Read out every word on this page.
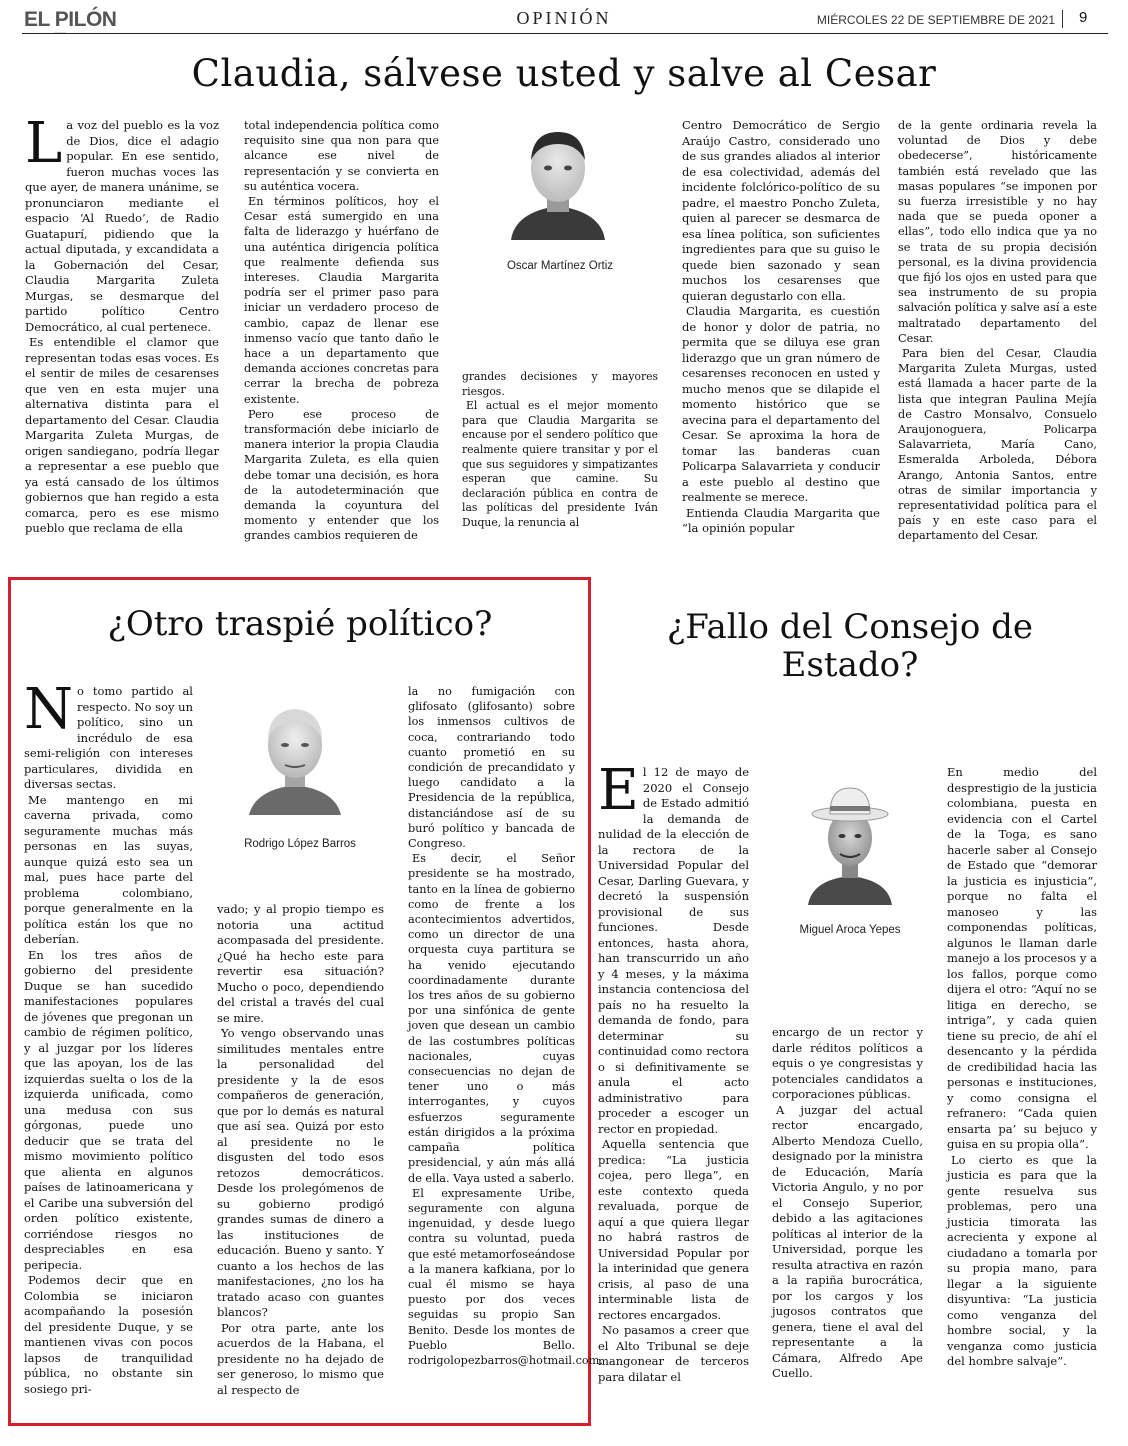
EL PILÓN	OPINIÓN	MIÉRCOLES 22 DE SEPTIEMBRE DE 2021 9
Claudia, sálvese usted y salve al Cesar

La voz del pueblo es la voz de Dios, dice el adagio popular. En ese sentido, fueron muchas voces las que ayer, de manera unánime, se pronunciaron mediante el espacio ‘Al Ruedo’, de Radio Guatapurí, pidiendo que la actual diputada, y excandidata a la Gobernación del Cesar, Claudia Margarita Zuleta Murgas, se desmarque del partido político Centro Democrático, al cual pertenece.

Es entendible el clamor que representan todas esas voces. Es el sentir de miles de cesarenses que ven en esta mujer una alternativa distinta para el departamento del Cesar. Claudia Margarita Zuleta Murgas, de origen sandiegano, podría llegar a representar a ese pueblo que ya está cansado de los últimos gobiernos que han regido a esta comarca, pero es ese mismo pueblo que reclama de ella

total independencia política como requisito sine qua non para que alcance ese nivel de representación y se convierta en su auténtica vocera.

En términos políticos, hoy el Cesar está sumergido en una falta de liderazgo y huérfano de una auténtica dirigencia política que realmente defienda sus intereses. Claudia Margarita podría ser el primer paso para iniciar un verdadero proceso de cambio, capaz de llenar ese inmenso vacío que tanto daño le hace a un departamento que demanda acciones concretas para cerrar la brecha de pobreza existente.

Pero ese proceso de transformación debe iniciarlo de manera interior la propia Claudia Margarita Zuleta, es ella quien debe tomar una decisión, es hora de la autodeterminación que demanda la coyuntura del momento y entender que los grandes cambios requieren de

Oscar Martínez Ortiz

grandes decisiones y mayores riesgos.

El actual es el mejor momento para que Claudia Margarita se encause por el sendero político que realmente quiere transitar y por el que sus seguidores y simpatizantes esperan que camine. Su declaración pública en contra de las políticas del presidente Iván Duque, la renuncia al

Centro Democrático de Sergio Araújo Castro, considerado uno de sus grandes aliados al interior de esa colectividad, además del incidente folclórico-político de su padre, el maestro Poncho Zuleta, quien al parecer se desmarca de esa línea política, son suficientes ingredientes para que su guiso le quede bien sazonado y sean muchos los cesarenses que quieran degustarlo con ella.

Claudia Margarita, es cuestión de honor y dolor de patria, no permita que se diluya ese gran liderazgo que un gran número de cesarenses reconocen en usted y mucho menos que se dilapide el momento histórico que se avecina para el departamento del Cesar. Se aproxima la hora de tomar las banderas cuan Policarpa Salavarrieta y conducir a este pueblo al destino que realmente se merece.

Entienda Claudia Margarita que “la opinión popular

de la gente ordinaria revela la voluntad de Dios y debe obedecerse”, históricamente también está revelado que las masas populares “se imponen por su fuerza irresistible y no hay nada que se pueda oponer a ellas”, todo ello indica que ya no se trata de su propia decisión personal, es la divina providencia que fijó los ojos en usted para que sea instrumento de su propia salvación política y salve así a este maltratado departamento del Cesar.

Para bien del Cesar, Claudia Margarita Zuleta Murgas, usted está llamada a hacer parte de la lista que integran Paulina Mejía de Castro Monsalvo, Consuelo Araujonoguera, Policarpa Salavarrieta, María Cano, Esmeralda Arboleda, Débora Arango, Antonia Santos, entre otras de similar importancia y representatividad política para el país y en este caso para el departamento del Cesar.

¿Otro traspié político?

No tomo partido al respecto. No soy un político, sino un incrédulo de esa semi-religión con intereses particulares, dividida en diversas sectas.

Me mantengo en mi caverna privada, como seguramente muchas más personas en las suyas, aunque quizá esto sea un mal, pues hace parte del problema colombiano, porque generalmente en la política están los que no deberían.

En los tres años de gobierno del presidente Duque se han sucedido manifestaciones populares de jóvenes que pregonan un cambio de régimen político, y al juzgar por los líderes que las apoyan, los de las izquierdas suelta o los de la izquierda unificada, como una medusa con sus górgonas, puede uno deducir que se trata del mismo movimiento político que alienta en algunos países de latinoamericana y el Caribe una subversión del orden político existente, corriéndose riesgos no despreciables en esa peripecia.

Podemos decir que en Colombia se iniciaron acompañando la posesión del presidente Duque, y se mantienen vivas con pocos lapsos de tranquilidad pública, no obstante sin sosiego pri-

Rodrigo López Barros

vado; y al propio tiempo es notoria una actitud acompasada del presidente. ¿Qué ha hecho este para revertir esa situación? Mucho o poco, dependiendo del cristal a través del cual se mire.

Yo vengo observando unas similitudes mentales entre la personalidad del presidente y la de esos compañeros de generación, que por lo demás es natural que así sea. Quizá por esto al presidente no le disgusten del todo esos retozos democráticos. Desde los prolegómenos de su gobierno prodigó grandes sumas de dinero a las instituciones de educación. Bueno y santo. Y cuanto a los hechos de las manifestaciones, ¿no los ha tratado acaso con guantes blancos?

Por otra parte, ante los acuerdos de la Habana, el presidente no ha dejado de ser generoso, lo mismo que al respecto de

la no fumigación con glifosato (glifosanto) sobre los inmensos cultivos de coca, contrariando todo cuanto prometió en su condición de precandidato y luego candidato a la Presidencia de la república, distanciándose así de su buró político y bancada de Congreso.

Es decir, el Señor presidente se ha mostrado, tanto en la línea de gobierno como de frente a los acontecimientos advertidos, como un director de una orquesta cuya partitura se ha venido ejecutando coordinadamente durante los tres años de su gobierno por una sinfónica de gente joven que desean un cambio de las costumbres políticas nacionales, cuyas consecuencias no dejan de tener uno o más interrogantes, y cuyos esfuerzos seguramente están dirigidos a la próxima campaña política presidencial, y aún más allá de ella. Vaya usted a saberlo.

El expresamente Uribe, seguramente con alguna ingenuidad, y desde luego contra su voluntad, pueda que esté metamorfoseándose a la manera kafkiana, por lo cual él mismo se haya puesto por dos veces seguidas su propio San Benito. Desde los montes de Pueblo Bello. rodrigolopezbarros@hotmail.com.

¿Fallo del Consejo de Estado?

El 12 de mayo de 2020 el Consejo de Estado admitió la demanda de nulidad de la elección de la rectora de la Universidad Popular del Cesar, Darling Guevara, y decretó la suspensión provisional de sus funciones. Desde entonces, hasta ahora, han transcurrido un año y 4 meses, y la máxima instancia contenciosa del país no ha resuelto la demanda de fondo, para determinar su continuidad como rectora o si definitivamente se anula el acto administrativo para proceder a escoger un rector en propiedad.

Aquella sentencia que predica: “La justicia cojea, pero llega”, en este contexto queda revaluada, porque de aquí a que quiera llegar no habrá rastros de Universidad Popular por la interinidad que genera crisis, al paso de una interminable lista de rectores encargados.

No pasamos a creer que el Alto Tribunal se deje mangonear de terceros para dilatar el

Miguel Aroca Yepes

encargo de un rector y darle réditos políticos a equis o ye congresistas y potenciales candidatos a corporaciones públicas.

A juzgar del actual rector encargado, Alberto Mendoza Cuello, designado por la ministra de Educación, María Victoria Angulo, y no por el Consejo Superior, debido a las agitaciones políticas al interior de la Universidad, porque les resulta atractiva en razón a la rapiña burocrática, por los cargos y los jugosos contratos que genera, tiene el aval del representante a la Cámara, Alfredo Ape Cuello.

En medio del desprestigio de la justicia colombiana, puesta en evidencia con el Cartel de la Toga, es sano hacerle saber al Consejo de Estado que “demorar la justicia es injusticia”, porque no falta el manoseo y las componendas políticas, algunos le llaman darle manejo a los procesos y a los fallos, porque como dijera el otro: “Aquí no se litiga en derecho, se intriga”, y cada quien tiene su precio, de ahí el desencanto y la pérdida de credibilidad hacia las personas e instituciones, y como consigna el refranero: “Cada quien ensarta pa’ su bejuco y guisa en su propia olla”.

Lo cierto es que la justicia es para que la gente resuelva sus problemas, pero una justicia timorata las acrecienta y expone al ciudadano a tomarla por su propia mano, para llegar a la siguiente disyuntiva: “La justicia como venganza del hombre social, y la venganza como justicia del hombre salvaje”.
